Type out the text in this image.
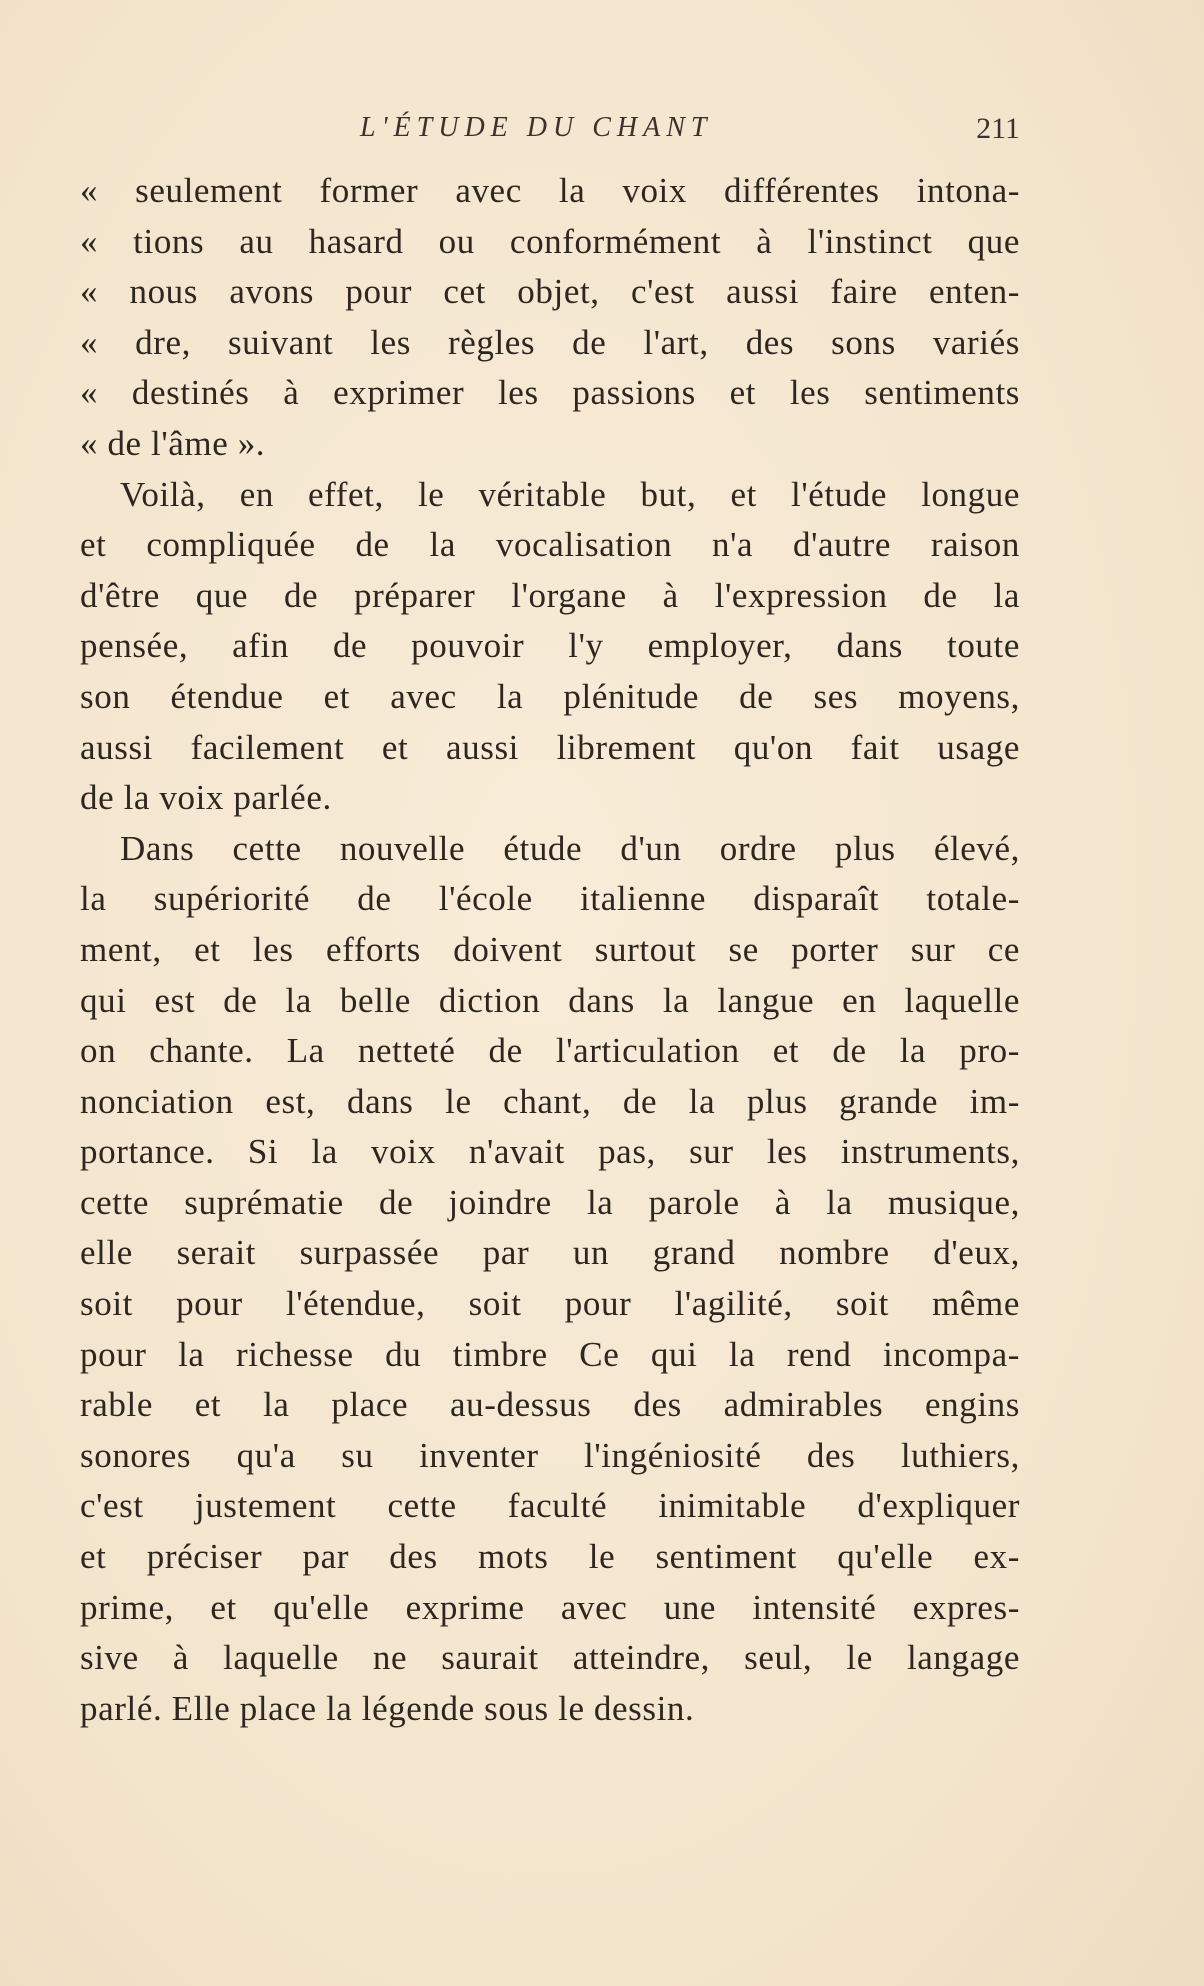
L'ÉTUDE DU CHANT	211
« seulement former avec la voix différentes intona-
« tions au hasard ou conformément à l'instinct que
« nous avons pour cet objet, c'est aussi faire enten-
« dre, suivant les règles de l'art, des sons variés
« destinés à exprimer les passions et les sentiments
« de l'âme ».
Voilà, en effet, le véritable but, et l'étude longue
et compliquée de la vocalisation n'a d'autre raison
d'être que de préparer l'organe à l'expression de la
pensée, afin de pouvoir l'y employer, dans toute
son étendue et avec la plénitude de ses moyens,
aussi facilement et aussi librement qu'on fait usage
de la voix parlée.
Dans cette nouvelle étude d'un ordre plus élevé,
la supériorité de l'école italienne disparaît totale-
ment, et les efforts doivent surtout se porter sur ce
qui est de la belle diction dans la langue en laquelle
on chante. La netteté de l'articulation et de la pro-
nonciation est, dans le chant, de la plus grande im-
portance. Si la voix n'avait pas, sur les instruments,
cette suprématie de joindre la parole à la musique,
elle serait surpassée par un grand nombre d'eux,
soit pour l'étendue, soit pour l'agilité, soit même
pour la richesse du timbre Ce qui la rend incompa-
rable et la place au-dessus des admirables engins
sonores qu'a su inventer l'ingéniosité des luthiers,
c'est justement cette faculté inimitable d'expliquer
et préciser par des mots le sentiment qu'elle ex-
prime, et qu'elle exprime avec une intensité expres-
sive à laquelle ne saurait atteindre, seul, le langage
parlé. Elle place la légende sous le dessin.
